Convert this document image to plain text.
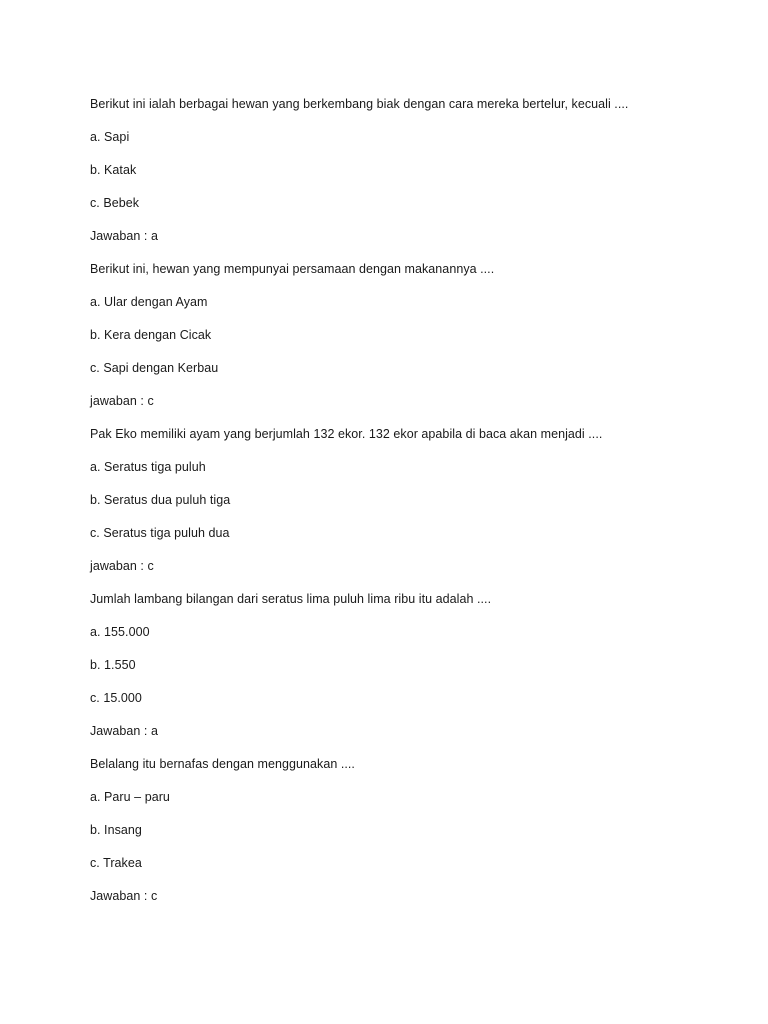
Berikut ini ialah berbagai hewan yang berkembang biak dengan cara mereka bertelur, kecuali ....
a. Sapi
b. Katak
c. Bebek
Jawaban : a
Berikut ini, hewan yang mempunyai persamaan dengan makanannya ....
a. Ular dengan Ayam
b. Kera dengan Cicak
c. Sapi dengan Kerbau
jawaban : c
Pak Eko memiliki ayam yang berjumlah 132 ekor. 132 ekor apabila di baca akan menjadi ....
a. Seratus tiga puluh
b. Seratus dua puluh tiga
c. Seratus tiga puluh dua
jawaban : c
Jumlah lambang bilangan dari seratus lima puluh lima ribu itu adalah ....
a. 155.000
b. 1.550
c. 15.000
Jawaban : a
Belalang itu bernafas dengan menggunakan ....
a. Paru – paru
b. Insang
c. Trakea
Jawaban : c
